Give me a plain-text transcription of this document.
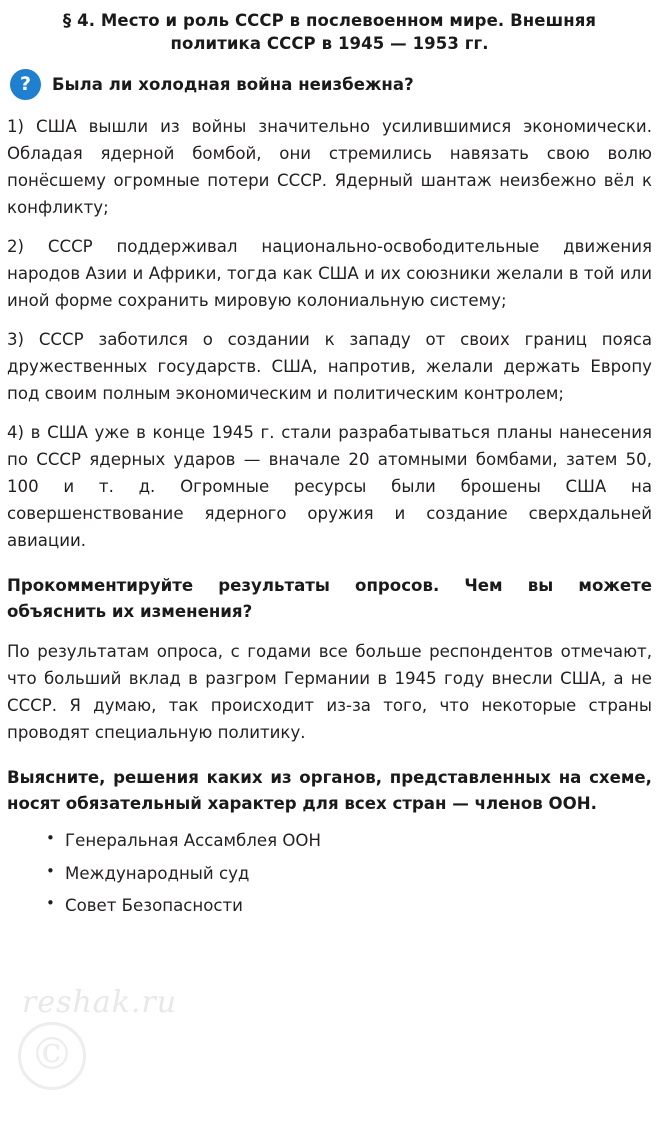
§ 4. Место и роль СССР в послевоенном мире. Внешняя политика СССР в 1945 — 1953 гг.
?	Была ли холодная война неизбежна?
1) США вышли из войны значительно усилившимися экономически. Обладая ядерной бомбой, они стремились навязать свою волю понёсшему огромные потери СССР. Ядерный шантаж неизбежно вёл к конфликту;
2) СССР поддерживал национально-освободительные движения народов Азии и Африки, тогда как США и их союзники желали в той или иной форме сохранить мировую колониальную систему;
3) СССР заботился о создании к западу от своих границ пояса дружественных государств. США, напротив, желали держать Европу под своим полным экономическим и политическим контролем;
4) в США уже в конце 1945 г. стали разрабатываться планы нанесения по СССР ядерных ударов — вначале 20 атомными бомбами, затем 50, 100 и т. д. Огромные ресурсы были брошены США на совершенствование ядерного оружия и создание сверхдальней авиации.
Прокомментируйте результаты опросов. Чем вы можете объяснить их изменения?
По результатам опроса, с годами все больше респондентов отмечают, что больший вклад в разгром Германии в 1945 году внесли США, а не СССР. Я думаю, так происходит из-за того, что некоторые страны проводят специальную политику.
Выясните, решения каких из органов, представленных на схеме, носят обязательный характер для всех стран — членов ООН.
• Генеральная Ассамблея ООН
• Международный суд
• Совет Безопасности
reshak.ru
©
